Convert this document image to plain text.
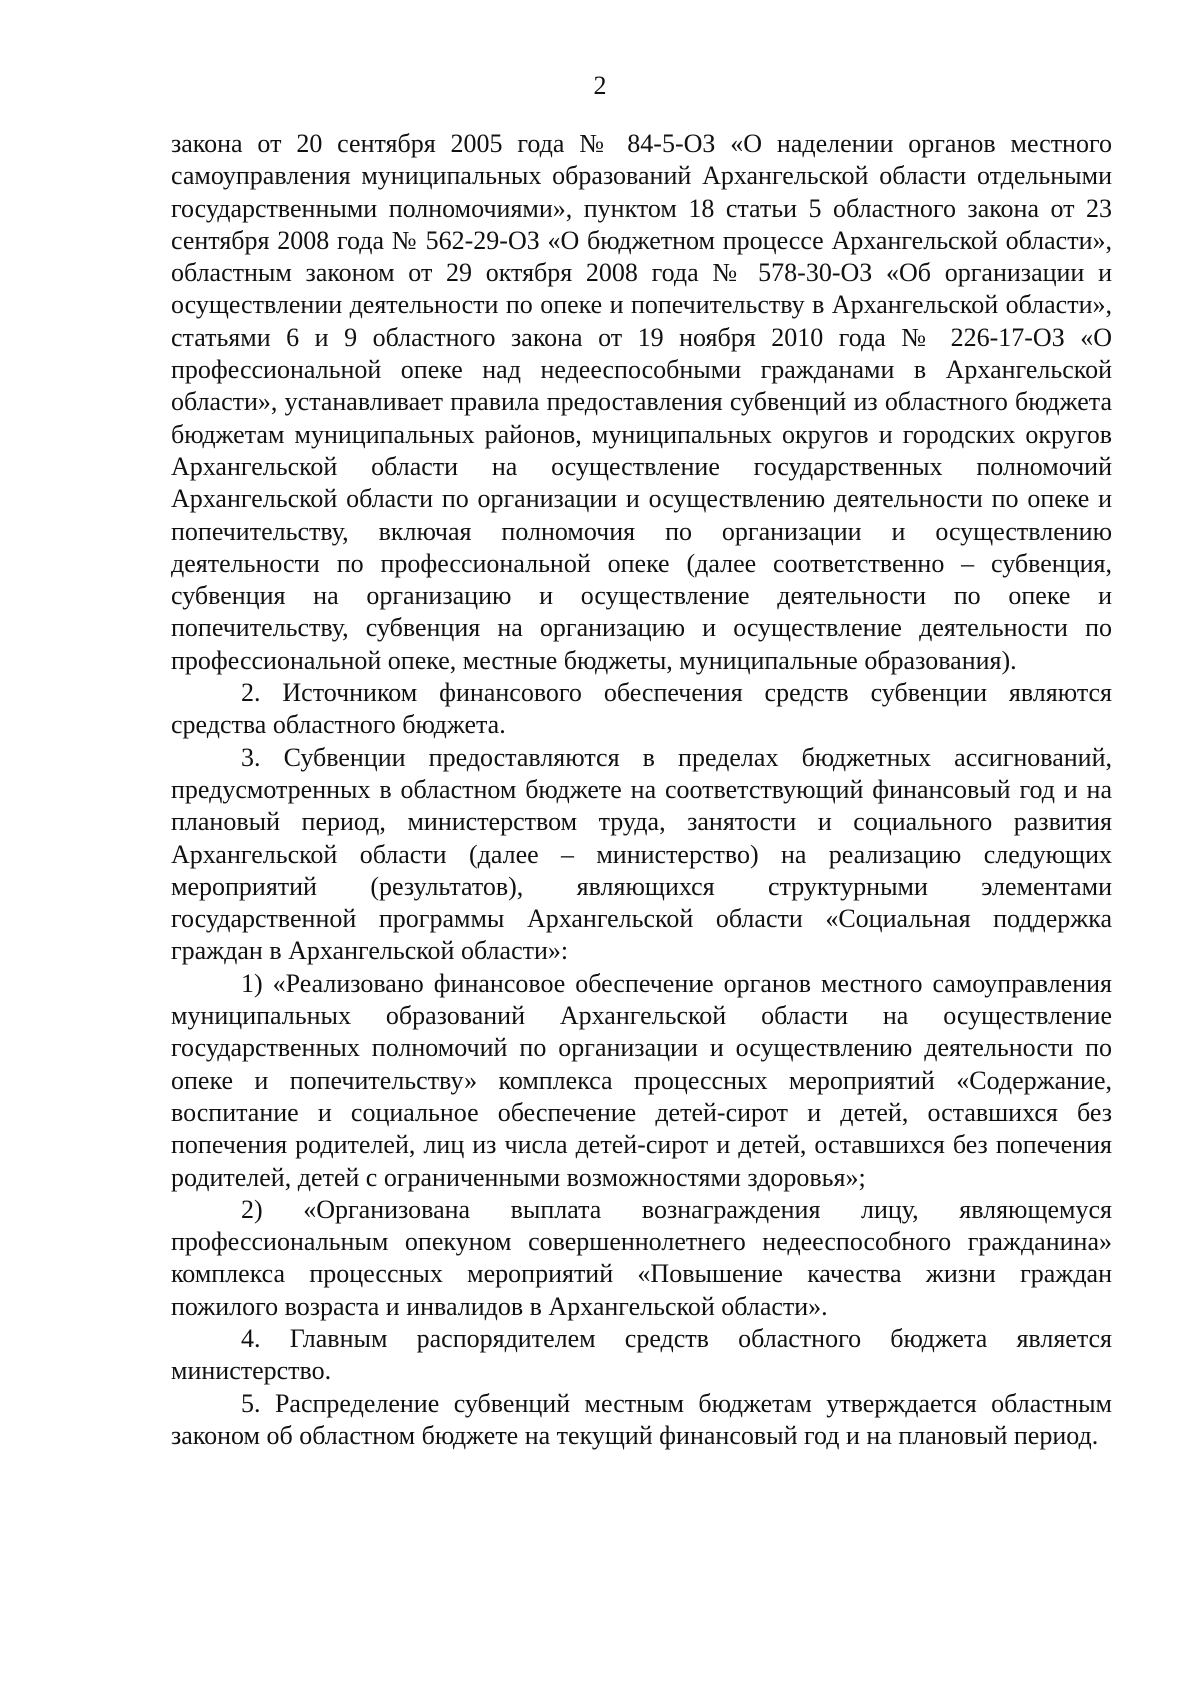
2

закона от 20 сентября 2005 года № 84-5-ОЗ «О наделении органов местного самоуправления муниципальных образований Архангельской области отдельными государственными полномочиями», пунктом 18 статьи 5 областного закона от 23 сентября 2008 года № 562-29-ОЗ «О бюджетном процессе Архангельской области», областным законом от 29 октября 2008 года № 578-30-ОЗ «Об организации и осуществлении деятельности по опеке и попечительству в Архангельской области», статьями 6 и 9 областного закона от 19 ноября 2010 года № 226-17-ОЗ «О профессиональной опеке над недееспособными гражданами в Архангельской области», устанавливает правила предоставления субвенций из областного бюджета бюджетам муниципальных районов, муниципальных округов и городских округов Архангельской области на осуществление государственных полномочий Архангельской области по организации и осуществлению деятельности по опеке и попечительству, включая полномочия по организации и осуществлению деятельности по профессиональной опеке (далее соответственно – субвенция, субвенция на организацию и осуществление деятельности по опеке и попечительству, субвенция на организацию и осуществление деятельности по профессиональной опеке, местные бюджеты, муниципальные образования).

2. Источником финансового обеспечения средств субвенции являются средства областного бюджета.

3. Субвенции предоставляются в пределах бюджетных ассигнований, предусмотренных в областном бюджете на соответствующий финансовый год и на плановый период, министерством труда, занятости и социального развития Архангельской области (далее – министерство) на реализацию следующих мероприятий (результатов), являющихся структурными элементами государственной программы Архангельской области «Социальная поддержка граждан в Архангельской области»:

1) «Реализовано финансовое обеспечение органов местного самоуправления муниципальных образований Архангельской области на осуществление государственных полномочий по организации и осуществлению деятельности по опеке и попечительству» комплекса процессных мероприятий «Содержание, воспитание и социальное обеспечение детей-сирот и детей, оставшихся без попечения родителей, лиц из числа детей-сирот и детей, оставшихся без попечения родителей, детей с ограниченными возможностями здоровья»;

2) «Организована выплата вознаграждения лицу, являющемуся профессиональным опекуном совершеннолетнего недееспособного гражданина» комплекса процессных мероприятий «Повышение качества жизни граждан пожилого возраста и инвалидов в Архангельской области».

4. Главным распорядителем средств областного бюджета является министерство.

5. Распределение субвенций местным бюджетам утверждается областным законом об областном бюджете на текущий финансовый год и на плановый период.
